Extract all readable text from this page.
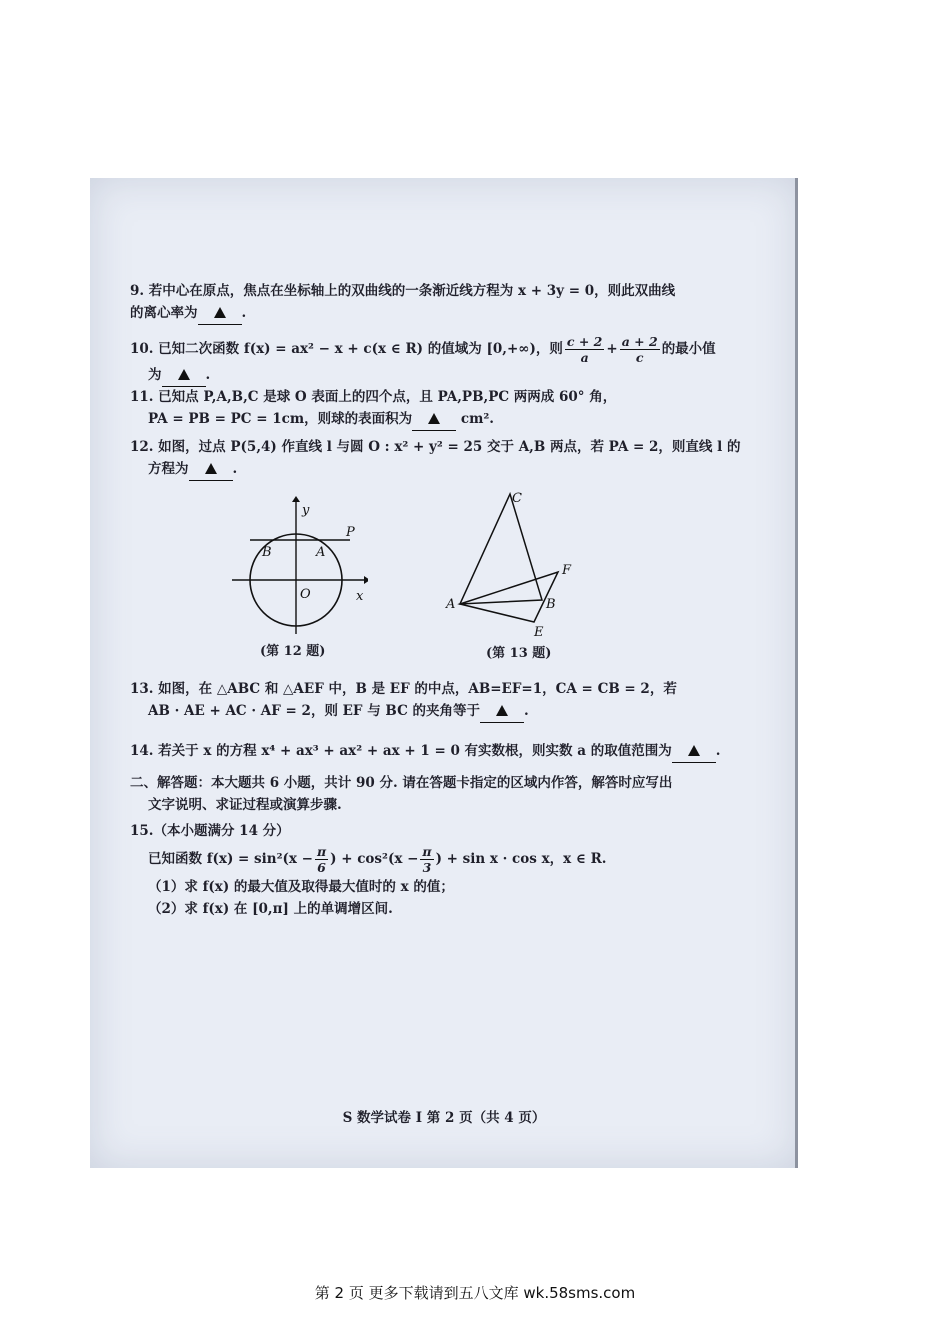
9. 若中心在原点，焦点在坐标轴上的双曲线的一条渐近线方程为 x + 3y = 0，则此双曲线
的离心率为	.
10. 已知二次函数 f(x) = ax² − x + c(x ∈ R) 的值域为 [0,+∞)，则 $\frac{c + 2}{a} + \frac{a + 2}{c}$ 的最小值
为	.
11. 已知点 P,A,B,C 是球 O 表面上的四个点，且 PA,PB,PC 两两成 60° 角，
PA = PB = PC = 1cm，则球的表面积为	cm².
12. 如图，过点 P(5,4) 作直线 l 与圆 O : x² + y² = 25 交于 A,B 两点，若 PA = 2，则直线 l 的
方程为	.
y
x
O
B	A
P
(第 12 题)
C
F
A	B
E
(第 13 题)
13. 如图，在 △ABC 和 △AEF 中，B 是 EF 的中点，AB=EF=1，CA = CB = 2，若
AB · AE + AC · AF = 2，则 EF 与 BC 的夹角等于	.
14. 若关于 x 的方程 x⁴ + ax³ + ax² + ax + 1 = 0 有实数根，则实数 a 的取值范围为	.
二、解答题：本大题共 6 小题，共计 90 分. 请在答题卡指定的区域内作答，解答时应写出
文字说明、求证过程或演算步骤.
15.（本小题满分 14 分）
已知函数 $f(x) = \sin^2(x - \frac{\pi}{6}$ ) + $\cos^2(x - \frac{\pi}{3}$ ) + sin x · cos x，x ∈ R.
（1）求 f(x) 的最大值及取得最大值时的 x 的值；
（2）求 f(x) 在 [0,π] 上的单调增区间.
S 数学试卷 I 第 2 页（共 4 页）
第 2 页 更多下载请到五八文库 wk.58sms.com
